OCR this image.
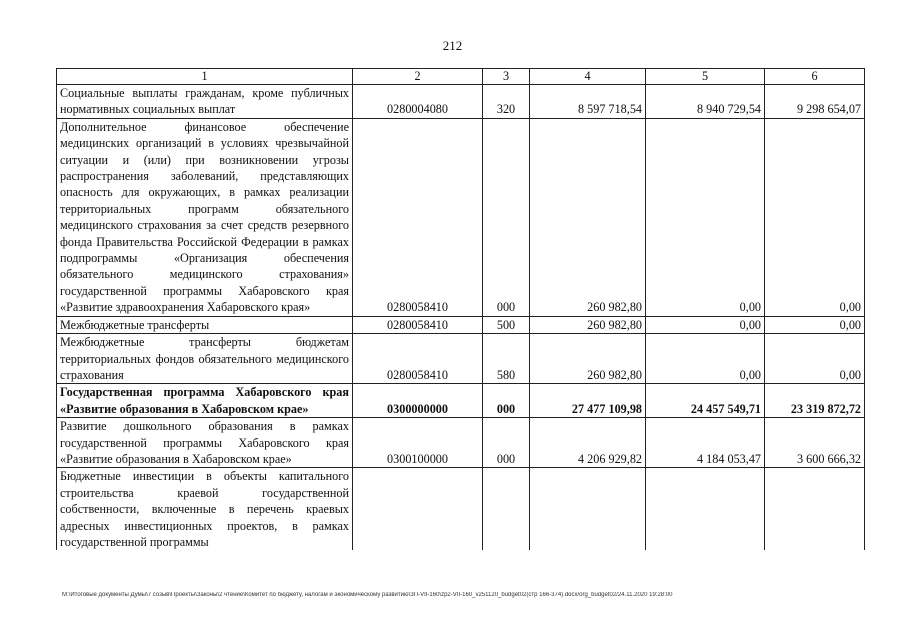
212
1	2	3	4	5	6
Социальные выплаты гражданам, кроме публичных нормативных социальных выплат	0280004080	320	8 597 718,54	8 940 729,54	9 298 654,07
Дополнительное финансовое обеспечение медицинских организаций в условиях чрезвычайной ситуации и (или) при возникновении угрозы распространения заболеваний, представляющих опасность для окружающих, в рамках реализации территориальных программ обязательного медицинского страхования за счет средств резервного фонда Правительства Российской Федерации в рамках подпрограммы «Организация обеспечения обязательного медицинского страхования» государственной программы Хабаровского края «Развитие здравоохранения Хабаровского края»	0280058410	000	260 982,80	0,00	0,00
Межбюджетные трансферты	0280058410	500	260 982,80	0,00	0,00
Межбюджетные трансферты бюджетам территориальных фондов обязательного медицинского страхования	0280058410	580	260 982,80	0,00	0,00
Государственная программа Хабаровского края «Развитие образования в Хабаровском крае»	0300000000	000	27 477 109,98	24 457 549,71	23 319 872,72
Развитие дошкольного образования в рамках государственной программы Хабаровского края «Развитие образования в Хабаровском крае»	0300100000	000	4 206 929,82	4 184 053,47	3 600 666,32
Бюджетные инвестиции в объекты капитального строительства краевой государственной собственности, включенные в перечень краевых адресных инвестиционных проектов, в рамках государственной программы					
M:\Итоговые документы Думы\7 созыв\Проекты\Законы\2 чтение\Комитет по бюджету, налогам и экономическому развитию\ЗП-VII-160\zp2-VII-160_v251120_budget02(стр 166-374).docx/org_budget02/24.11.2020 19:28:00
